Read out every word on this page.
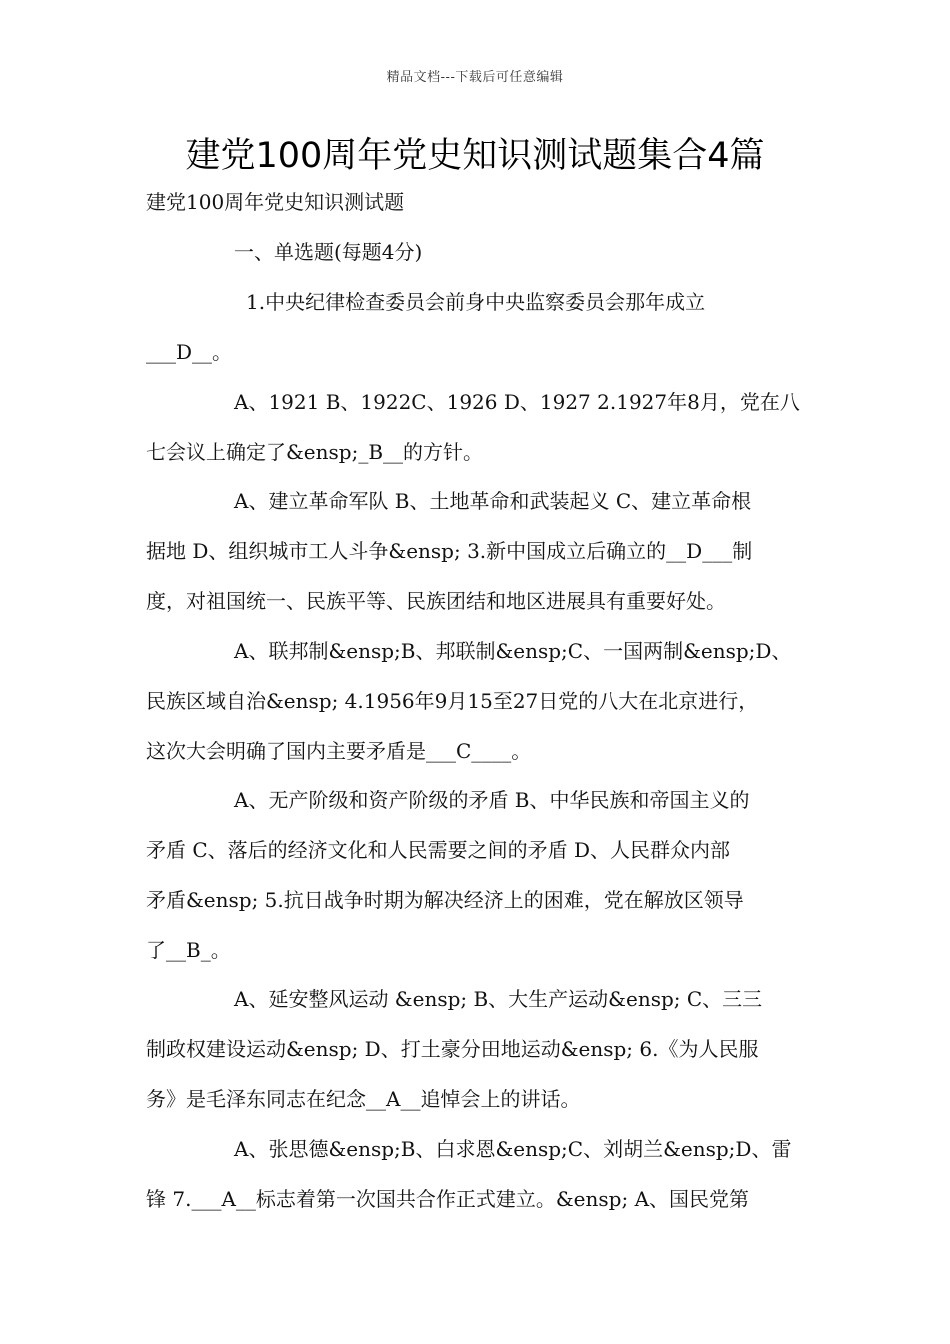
精品文档---下载后可任意编辑
建党100周年党史知识测试题集合4篇
建党100周年党史知识测试题
一、单选题(每题4分)
1.中央纪律检查委员会前身中央监察委员会那年成立
___D__。
A、1921 B、1922C、1926 D、1927 2.1927年8月，党在八
七会议上确定了&ensp;_B__的方针。
A、建立革命军队 B、土地革命和武装起义 C、建立革命根
据地 D、组织城市工人斗争&ensp; 3.新中国成立后确立的__D___制
度，对祖国统一、民族平等、民族团结和地区进展具有重要好处。
A、联邦制&ensp;B、邦联制&ensp;C、一国两制&ensp;D、
民族区域自治&ensp; 4.1956年9月15至27日党的八大在北京进行，
这次大会明确了国内主要矛盾是___C____。
A、无产阶级和资产阶级的矛盾 B、中华民族和帝国主义的
矛盾 C、落后的经济文化和人民需要之间的矛盾 D、人民群众内部
矛盾&ensp; 5.抗日战争时期为解决经济上的困难，党在解放区领导
了__B_。
A、延安整风运动 &ensp; B、大生产运动&ensp; C、三三
制政权建设运动&ensp; D、打土豪分田地运动&ensp; 6.《为人民服
务》是毛泽东同志在纪念__A__追悼会上的讲话。
A、张思德&ensp;B、白求恩&ensp;C、刘胡兰&ensp;D、雷
锋 7.___A__标志着第一次国共合作正式建立。&ensp; A、国民党第
